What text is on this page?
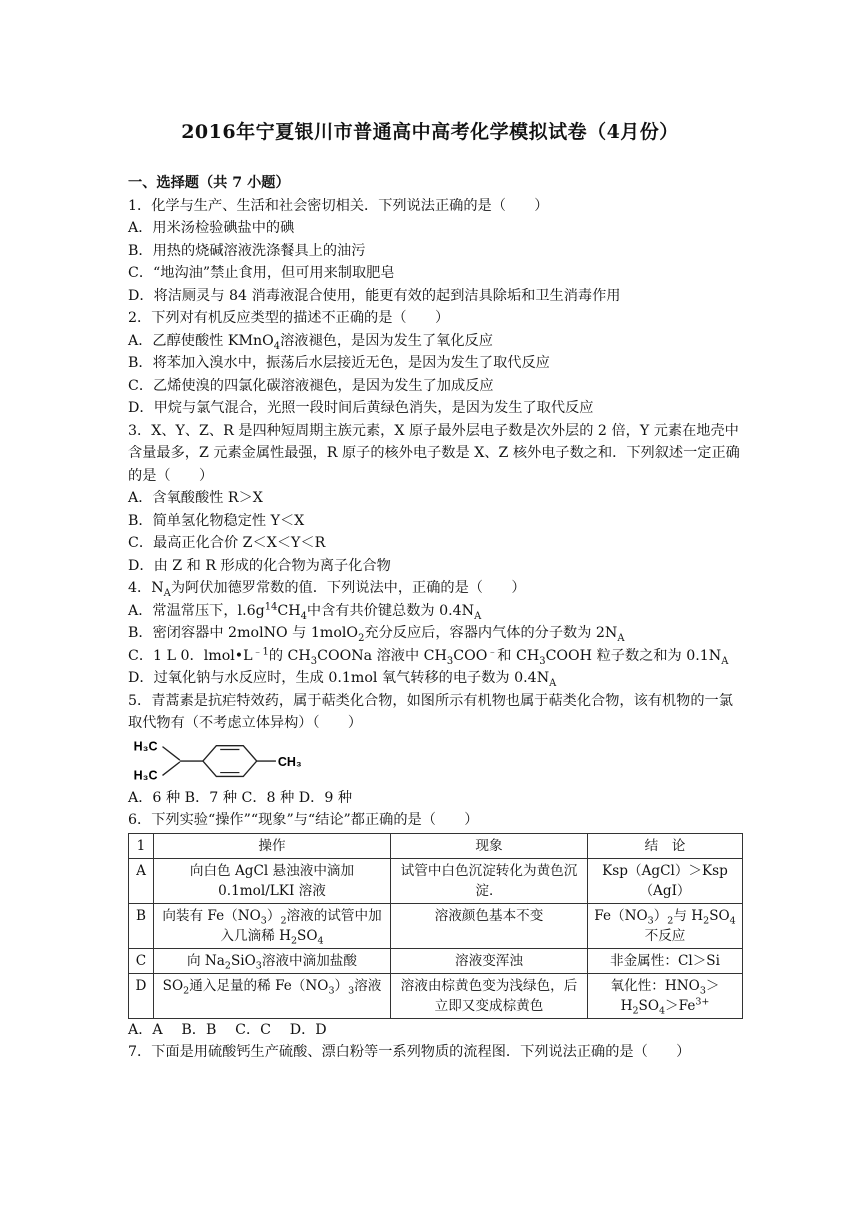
2016年宁夏银川市普通高中高考化学模拟试卷（4月份）
一、选择题（共 7 小题）
1．化学与生产、生活和社会密切相关．下列说法正确的是（　　）
A．用米汤检验碘盐中的碘
B．用热的烧碱溶液洗涤餐具上的油污
C．“地沟油”禁止食用，但可用来制取肥皂
D．将洁厕灵与 84 消毒液混合使用，能更有效的起到洁具除垢和卫生消毒作用
2．下列对有机反应类型的描述不正确的是（　　）
A．乙醇使酸性 KMnO$_4$溶液褪色，是因为发生了氧化反应
B．将苯加入溴水中，振荡后水层接近无色，是因为发生了取代反应
C．乙烯使溴的四氯化碳溶液褪色，是因为发生了加成反应
D．甲烷与氯气混合，光照一段时间后黄绿色消失，是因为发生了取代反应
3．X、Y、Z、R 是四种短周期主族元素，X 原子最外层电子数是次外层的 2 倍，Y 元素在地壳中含量最多，Z 元素金属性最强，R 原子的核外电子数是 X、Z 核外电子数之和．下列叙述一定正确的是（　　）
A．含氧酸酸性 R＞X
B．简单氢化物稳定性 Y＜X
C．最高正化合价 Z＜X＜Y＜R
D．由 Z 和 R 形成的化合物为离子化合物
4．$N_A$为阿伏加德罗常数的值．下列说法中，正确的是（　　）
A．常温常压下，$l.6g^{14}CH_4$中含有共价键总数为 $0.4N_A$
B．密闭容器中 2molNO 与 1molO$_2$充分反应后，容器内气体的分子数为 $2N_A$
C．1 L 0．$lmol•L^{﹣1}$的 $CH_3COONa$ 溶液中 $CH_3COO^﹣$和 $CH_3COOH$ 粒子数之和为 $0.1N_A$
D．过氧化钠与水反应时，生成 0.1mol 氧气转移的电子数为 $0.4N_A$
5．青蒿素是抗疟特效药，属于萜类化合物，如图所示有机物也属于萜类化合物，该有机物的一氯取代物有（不考虑立体异构）（　　）
H₃C
H₃C
CH₃
A．6 种 B．7 种 C．8 种 D．9 种
6．下列实验“操作”“现象”与“结论”都正确的是（　　）
1	操作	现象	结　论
A	向白色 AgCl 悬浊液中滴加 0.1mol/LKI 溶液	试管中白色沉淀转化为黄色沉淀．	Ksp（AgCl）＞Ksp（AgI）
B	向装有 $Fe(NO_3)_2$溶液的试管中加入几滴稀 $H_2SO_4$	溶液颜色基本不变	$Fe(NO_3)_2$与 $H_2SO_4$
不反应
C	向 $Na_2SiO_3$溶液中滴加盐酸	溶液变浑浊	非金属性：Cl＞Si
D	$SO_2$通入足量的稀 $Fe(NO_3)_3$溶液	溶液由棕黄色变为浅绿色，后立即又变成棕黄色	氧化性：$HNO_3>H_2SO_4>Fe^{3+}$
A．A　 B．B　 C．C　 D．D
7．下面是用硫酸钙生产硫酸、漂白粉等一系列物质的流程图．下列说法正确的是（　　）
